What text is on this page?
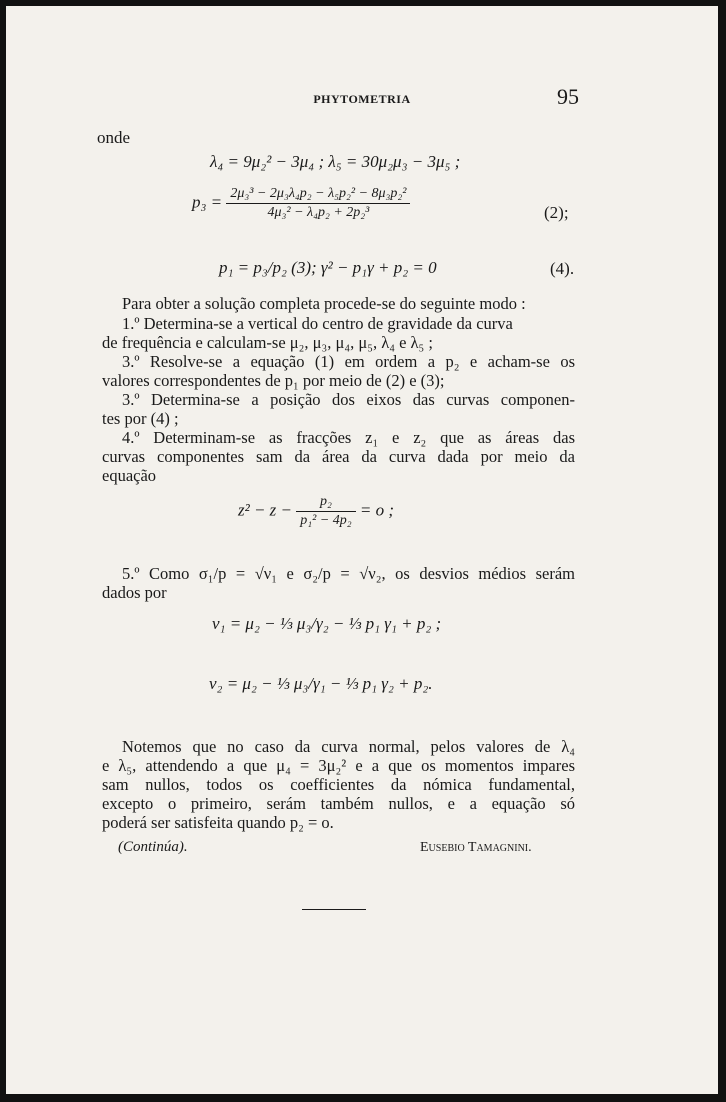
PHYTOMETRIA	95
onde
λ₄ = 9μ₂² − 3μ₄ ; λ₅ = 30μ₂μ₃ − 3μ₅ ;
$p_3 = \frac{\text{2μ₃³ − 2μ₃λ₄p₂ − λ₅p₂² − 8μ₃p₂²}}{\text{4μ₃² − λ₄p₂ + 2p₂³}}$	(2);
p₁ = p₃/p₂ (3); γ² − p₁γ + p₂ = 0	(4).
Para obter a solução completa procede-se do seguinte modo :
1.º Determina-se a vertical do centro de gravidade da curva
de frequência e calculam-se μ₂, μ₃, μ₄, μ₅, λ₄ e λ₅ ;
3.º Resolve-se a equação (1) em ordem a p₂ e acham-se os
valores correspondentes de p₁ por meio de (2) e (3);
3.º Determina-se a posição dos eixos das curvas componen-
tes por (4) ;
4.º Determinam-se as fracções z₁ e z₂ que as áreas das
curvas componentes sam da área da curva dada por meio da
equação
$z^2 - z - \frac{\text{p₂}}{\text{p₁² − 4p₂}} = o$ ;
5.º Como σ₁/p = √ν₁ e σ₂/p = √ν₂, os desvios médios serám
dados por
ν₁ = μ₂ − ⅓ μ₃/γ₂ − ⅓ p₁ γ₁ + p₂ ;
ν₂ = μ₂ − ⅓ μ₃/γ₁ − ⅓ p₁ γ₂ + p₂.
Notemos que no caso da curva normal, pelos valores de λ₄
e λ₅, attendendo a que μ₄ = 3μ₂² e a que os momentos impares
sam nullos, todos os coefficientes da nómica fundamental,
excepto o primeiro, serám também nullos, e a equação só
poderá ser satisfeita quando p₂ = o.
(Continúa).	Eusebio Tamagnini.
